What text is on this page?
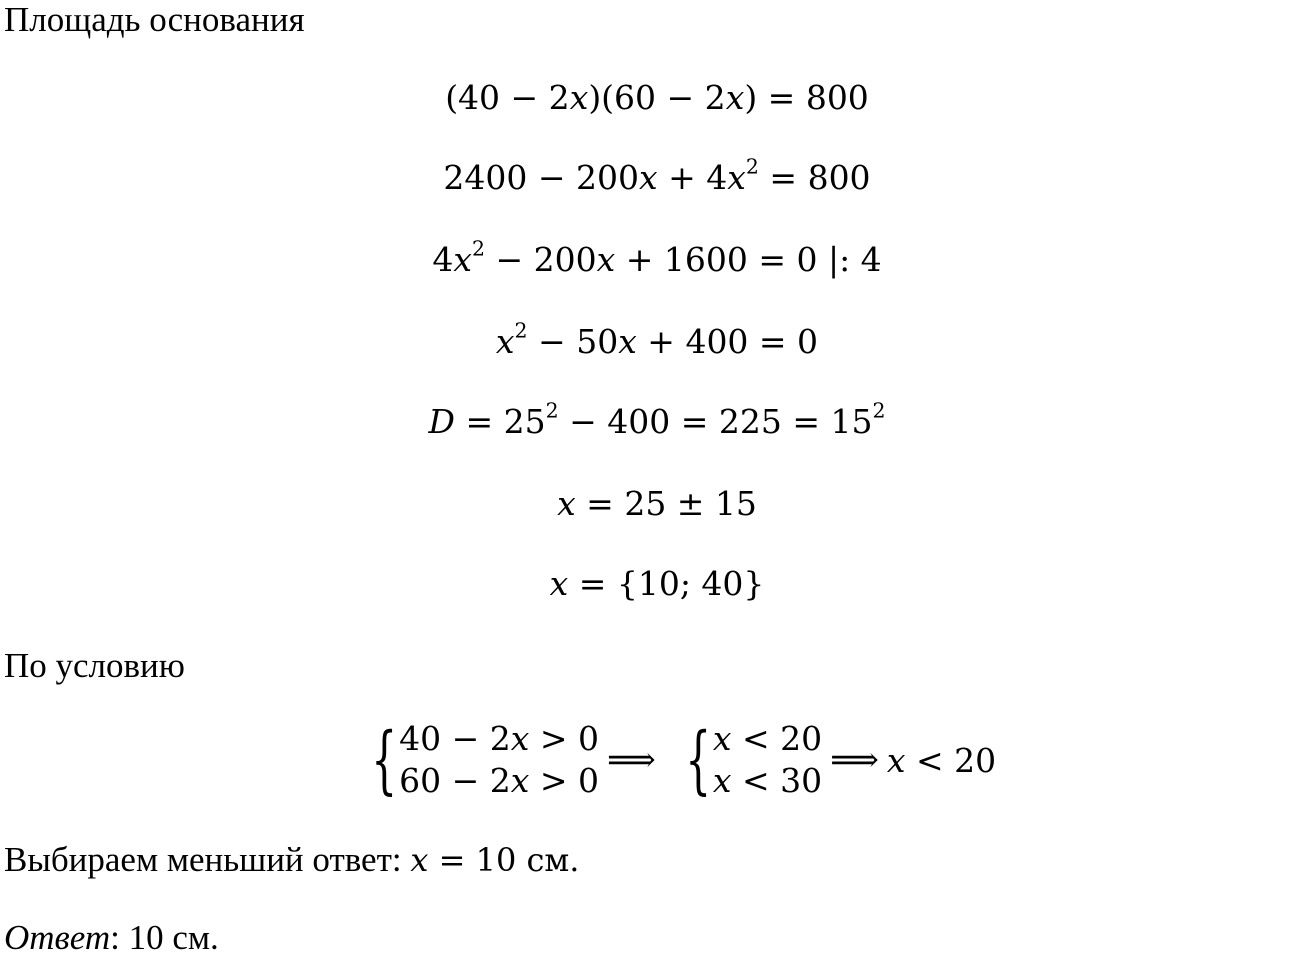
Площадь основания
(40 − 2x)(60 − 2x) = 800
$2400 - 200x + 4x^2 = 800$
$4x^2 - 200x + 1600 = 0$ |: 4
$x^2 - 50x + 400 = 0$
$D = 25^2 - 400 = 225 = 15^2$
x = 25 ± 15
x = {10; 40}
По условию
{ 40 − 2x > 0
60 − 2x > 0
⟹ { x < 20
x < 30
⟹ x < 20
Выбираем меньший ответ: x = 10 см.
Ответ: 10 см.
